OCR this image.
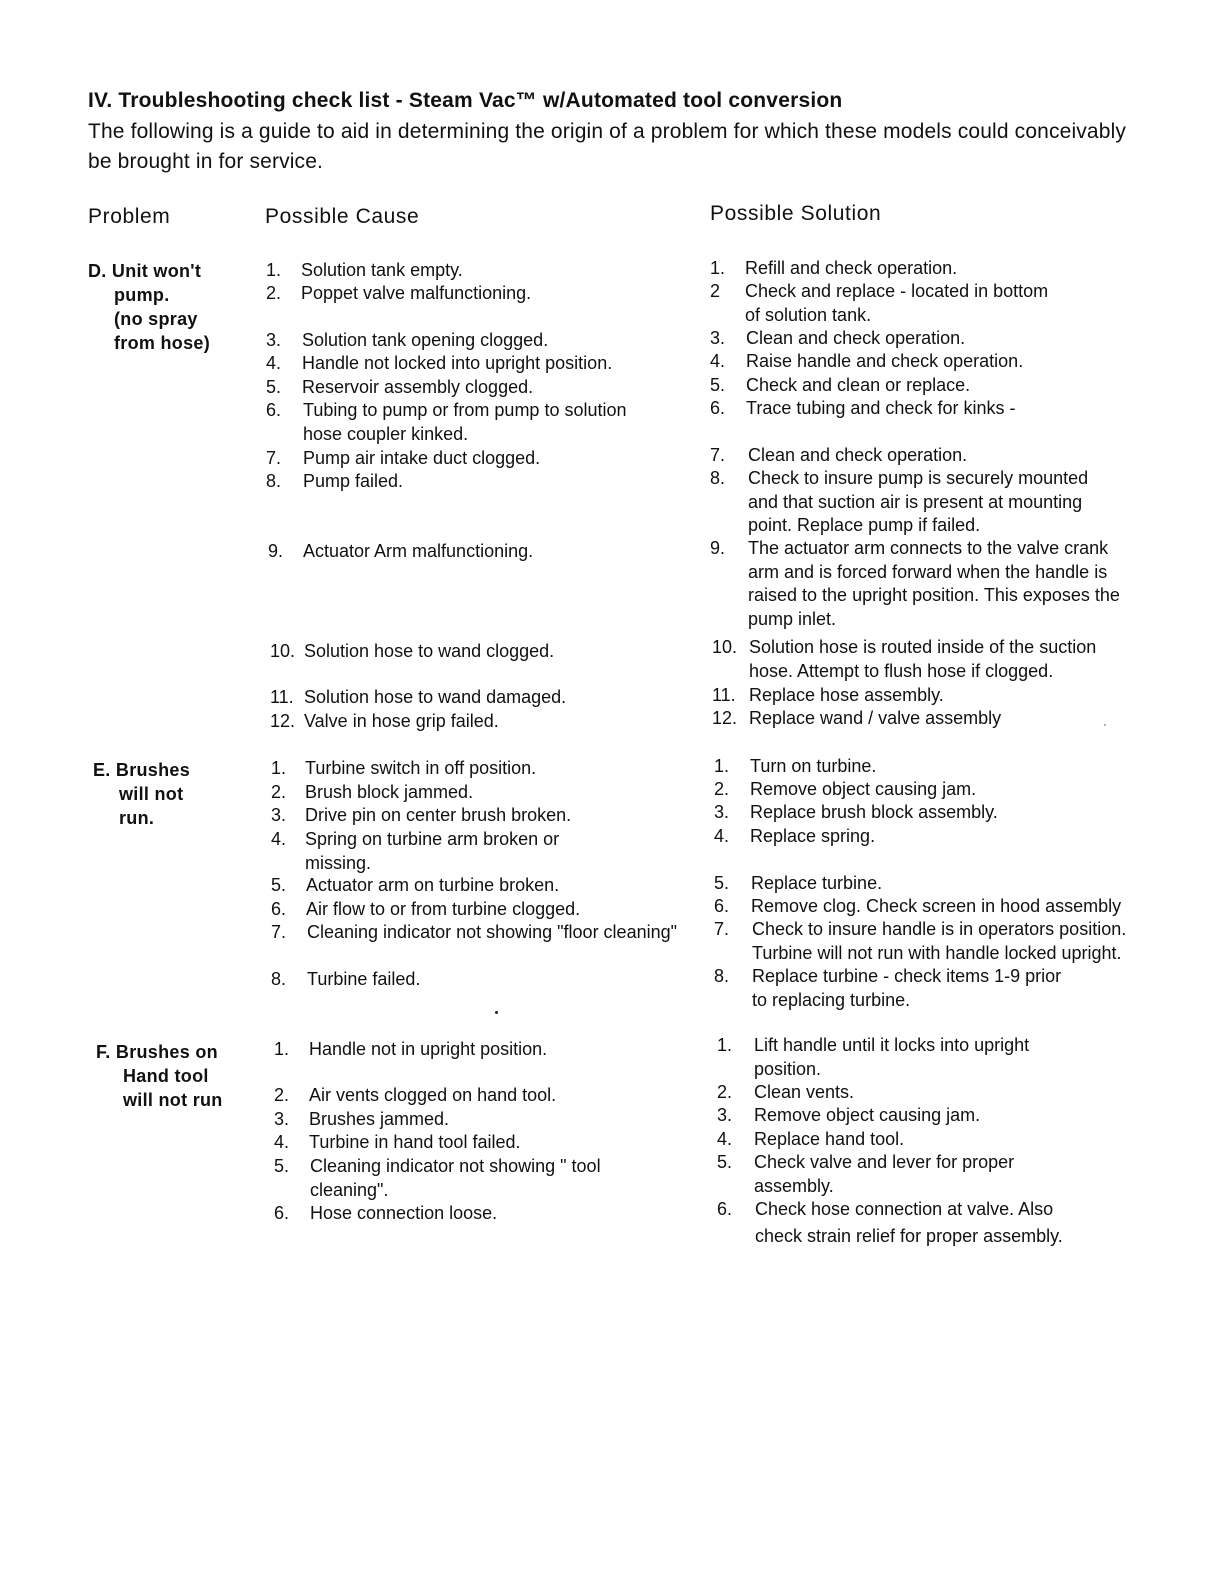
IV. Troubleshooting check list - Steam Vac™ w/Automated tool conversion
The following is a guide to aid in determining the origin of a problem for which these models could conceivably be brought in for service.
Problem	Possible Cause	Possible Solution
D. Unit won't
pump.
(no spray
from hose)
1. Solution tank empty.
2. Poppet valve malfunctioning.
3. Solution tank opening clogged.
4. Handle not locked into upright position.
5. Reservoir assembly clogged.
6. Tubing to pump or from pump to solution
hose coupler kinked.
7. Pump air intake duct clogged.
8. Pump failed.
9. Actuator Arm malfunctioning.
10. Solution hose to wand clogged.
11. Solution hose to wand damaged.
12. Valve in hose grip failed.
1. Refill and check operation.
2 Check and replace - located in bottom
of solution tank.
3. Clean and check operation.
4. Raise handle and check operation.
5. Check and clean or replace.
6. Trace tubing and check for kinks -
7. Clean and check operation.
8. Check to insure pump is securely mounted
and that suction air is present at mounting
point. Replace pump if failed.
9. The actuator arm connects to the valve crank
arm and is forced forward when the handle is
raised to the upright position. This exposes the
pump inlet.
10. Solution hose is routed inside of the suction
hose. Attempt to flush hose if clogged.
11. Replace hose assembly.
12. Replace wand / valve assembly
E. Brushes
will not
run.
1. Turbine switch in off position.
2. Brush block jammed.
3. Drive pin on center brush broken.
4. Spring on turbine arm broken or
missing.
5. Actuator arm on turbine broken.
6. Air flow to or from turbine clogged.
7. Cleaning indicator not showing "floor cleaning"
8. Turbine failed.
1. Turn on turbine.
2. Remove object causing jam.
3. Replace brush block assembly.
4. Replace spring.
5. Replace turbine.
6. Remove clog. Check screen in hood assembly
7. Check to insure handle is in operators position.
Turbine will not run with handle locked upright.
8. Replace turbine - check items 1-9 prior
to replacing turbine.
F. Brushes on
Hand tool
will not run
1. Handle not in upright position.
2. Air vents clogged on hand tool.
3. Brushes jammed.
4. Turbine in hand tool failed.
5. Cleaning indicator not showing " tool
cleaning".
6. Hose connection loose.
1. Lift handle until it locks into upright
position.
2. Clean vents.
3. Remove object causing jam.
4. Replace hand tool.
5. Check valve and lever for proper
assembly.
6. Check hose connection at valve. Also
check strain relief for proper assembly.
